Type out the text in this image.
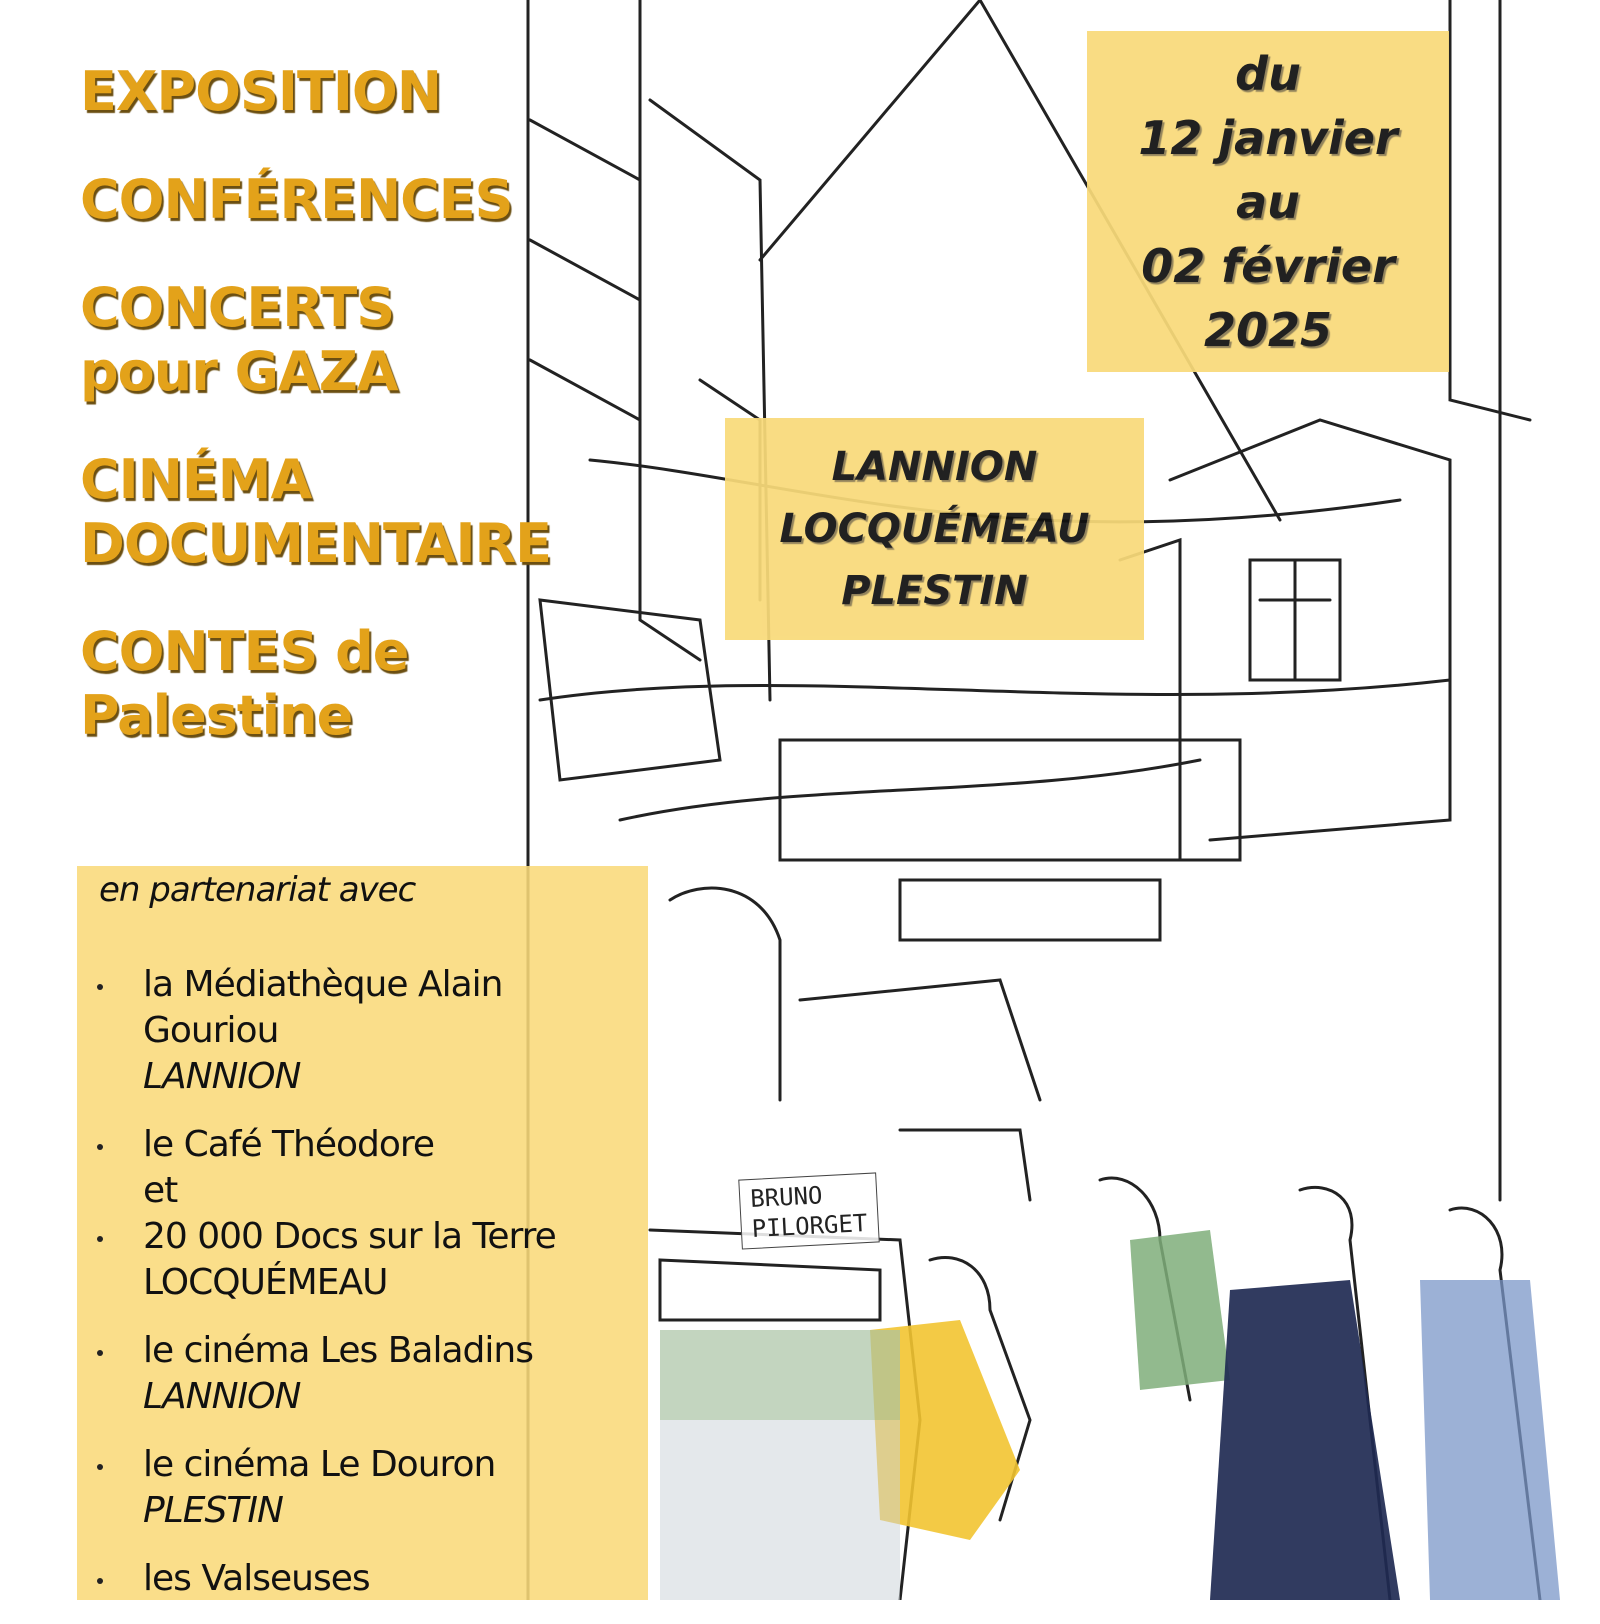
EXPOSITION
CONFÉRENCES
CONCERTS
pour GAZA
CINÉMA
DOCUMENTAIRE
CONTES de
Palestine
du
12 janvier
au
02 février
2025
LANNION
LOCQUÉMEAU
PLESTIN
en partenariat avec
la Médiathèque Alain
Gouriou
LANNION
le Café Théodore
et
20 000 Docs sur la Terre
LOCQUÉMEAU
le cinéma Les Baladins
LANNION
le cinéma Le Douron
PLESTIN
les Valseuses
BRUNO
PILORGET
